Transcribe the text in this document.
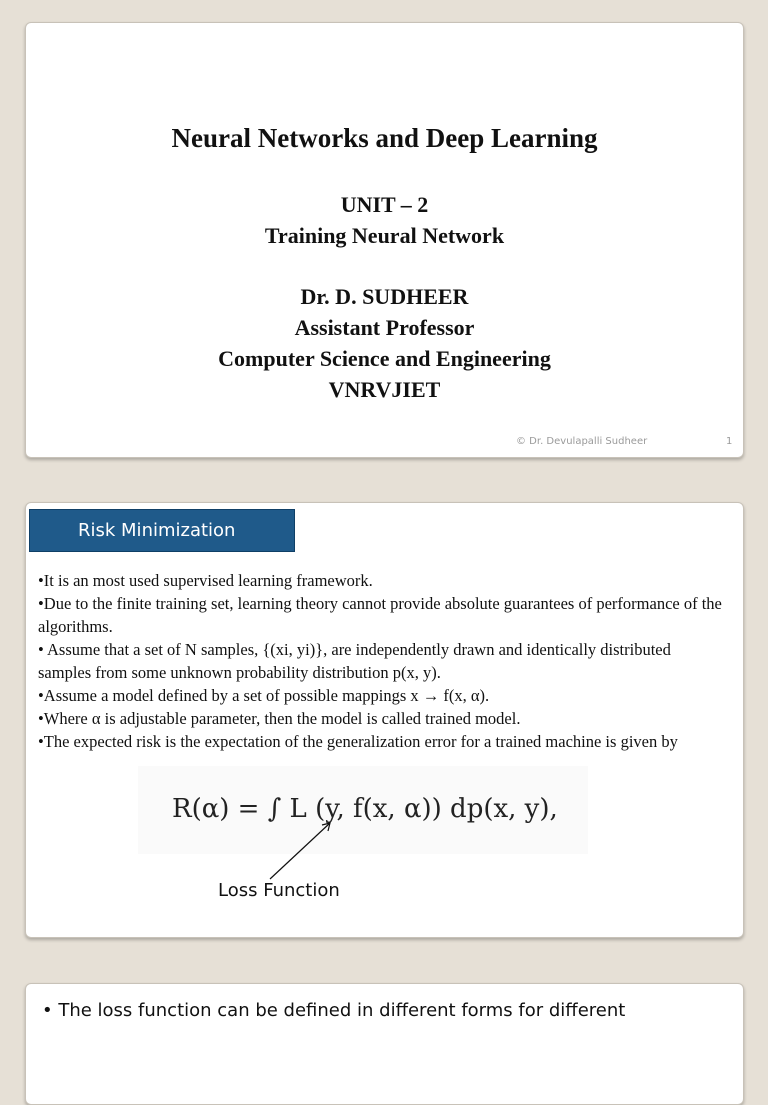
Neural Networks and Deep Learning
UNIT – 2
Training Neural Network
Dr. D. SUDHEER
Assistant Professor
Computer Science and Engineering
VNRVJIET
© Dr. Devulapalli Sudheer	1
Risk Minimization
•It is an most used supervised learning framework.
•Due to the finite training set, learning theory cannot provide absolute guarantees of performance of the algorithms.
• Assume that a set of N samples, {(xi, yi)}, are independently drawn and identically distributed samples from some unknown probability distribution p(x, y).
•Assume a model defined by a set of possible mappings x → f(x, α).
•Where α is adjustable parameter, then the model is called trained model.
•The expected risk is the expectation of the generalization error for a trained machine is given by
R(α) = ∫ L (y, f(x, α)) dp(x, y),
Loss Function
• The loss function can be defined in different forms for different
